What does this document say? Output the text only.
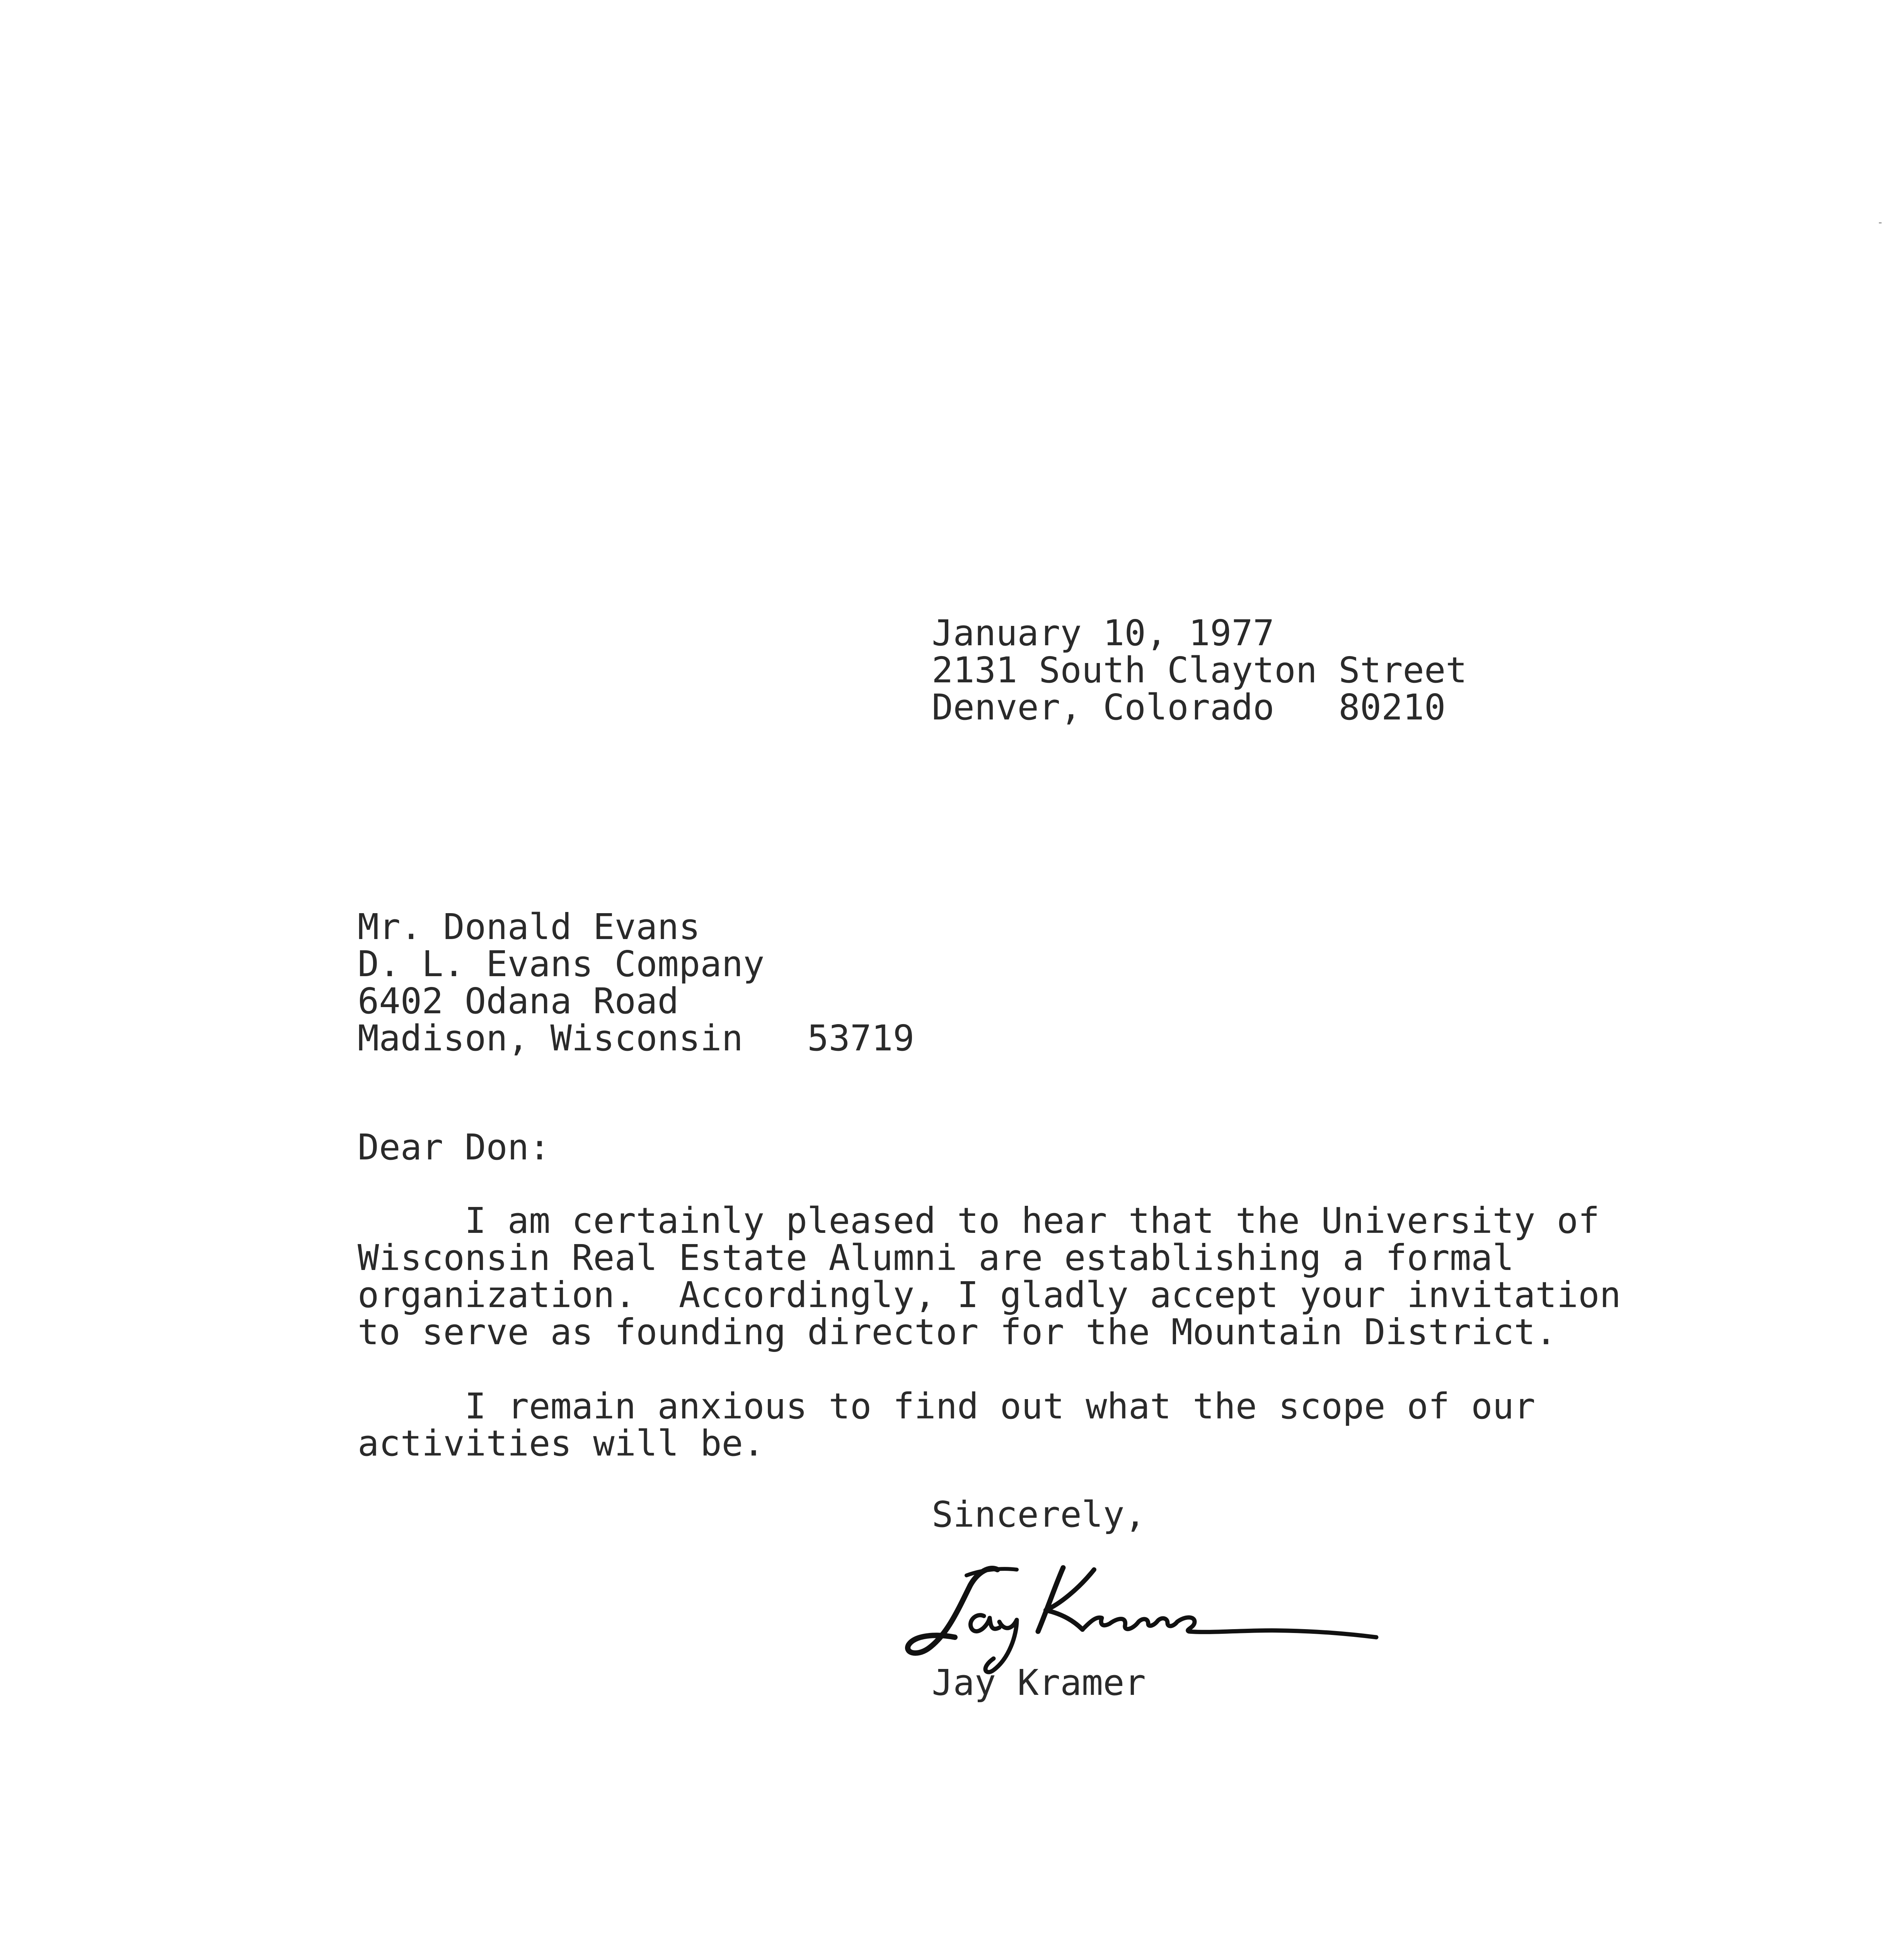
January 10, 1977
2131 South Clayton Street
Denver, Colorado   80210
Mr. Donald Evans
D. L. Evans Company
6402 Odana Road
Madison, Wisconsin   53719
Dear Don:
I am certainly pleased to hear that the University of
Wisconsin Real Estate Alumni are establishing a formal
organization.  Accordingly, I gladly accept your invitation
to serve as founding director for the Mountain District.
I remain anxious to find out what the scope of our
activities will be.
Sincerely,
Jay Kramer
Jay Kramer
